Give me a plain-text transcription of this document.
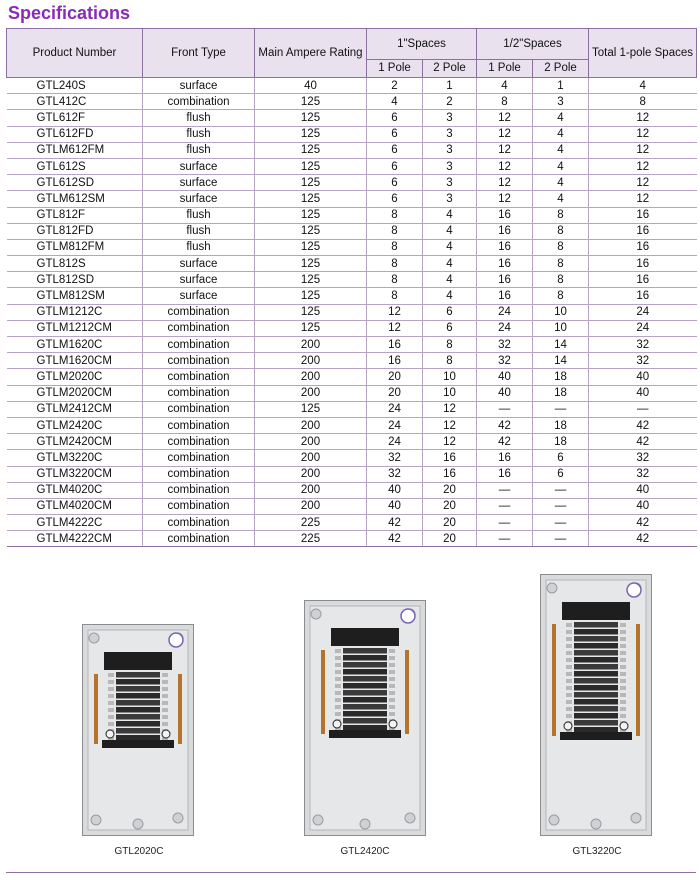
Specifications
Product Number	Front Type	Main Ampere Rating	1"Spaces		1/2"Spaces		Total 1-pole Spaces
			1 Pole	2 Pole	1 Pole	2 Pole	
GTL240S	surface	40	2	1	4	1	4
GTL412C	combination	125	4	2	8	3	8
GTL612F	flush	125	6	3	12	4	12
GTL612FD	flush	125	6	3	12	4	12
GTLM612FM	flush	125	6	3	12	4	12
GTL612S	surface	125	6	3	12	4	12
GTL612SD	surface	125	6	3	12	4	12
GTLM612SM	surface	125	6	3	12	4	12
GTL812F	flush	125	8	4	16	8	16
GTL812FD	flush	125	8	4	16	8	16
GTLM812FM	flush	125	8	4	16	8	16
GTL812S	surface	125	8	4	16	8	16
GTL812SD	surface	125	8	4	16	8	16
GTLM812SM	surface	125	8	4	16	8	16
GTLM1212C	combination	125	12	6	24	10	24
GTLM1212CM	combination	125	12	6	24	10	24
GTLM1620C	combination	200	16	8	32	14	32
GTLM1620CM	combination	200	16	8	32	14	32
GTLM2020C	combination	200	20	10	40	18	40
GTLM2020CM	combination	200	20	10	40	18	40
GTLM2412CM	combination	125	24	12	—	—	—
GTLM2420C	combination	200	24	12	42	18	42
GTLM2420CM	combination	200	24	12	42	18	42
GTLM3220C	combination	200	32	16	16	6	32
GTLM3220CM	combination	200	32	16	16	6	32
GTLM4020C	combination	200	40	20	—	—	40
GTLM4020CM	combination	200	40	20	—	—	40
GTLM4222C	combination	225	42	20	—	—	42
GTLM4222CM	combination	225	42	20	—	—	42
GTL2020C	GTL2420C	GTL3220C
